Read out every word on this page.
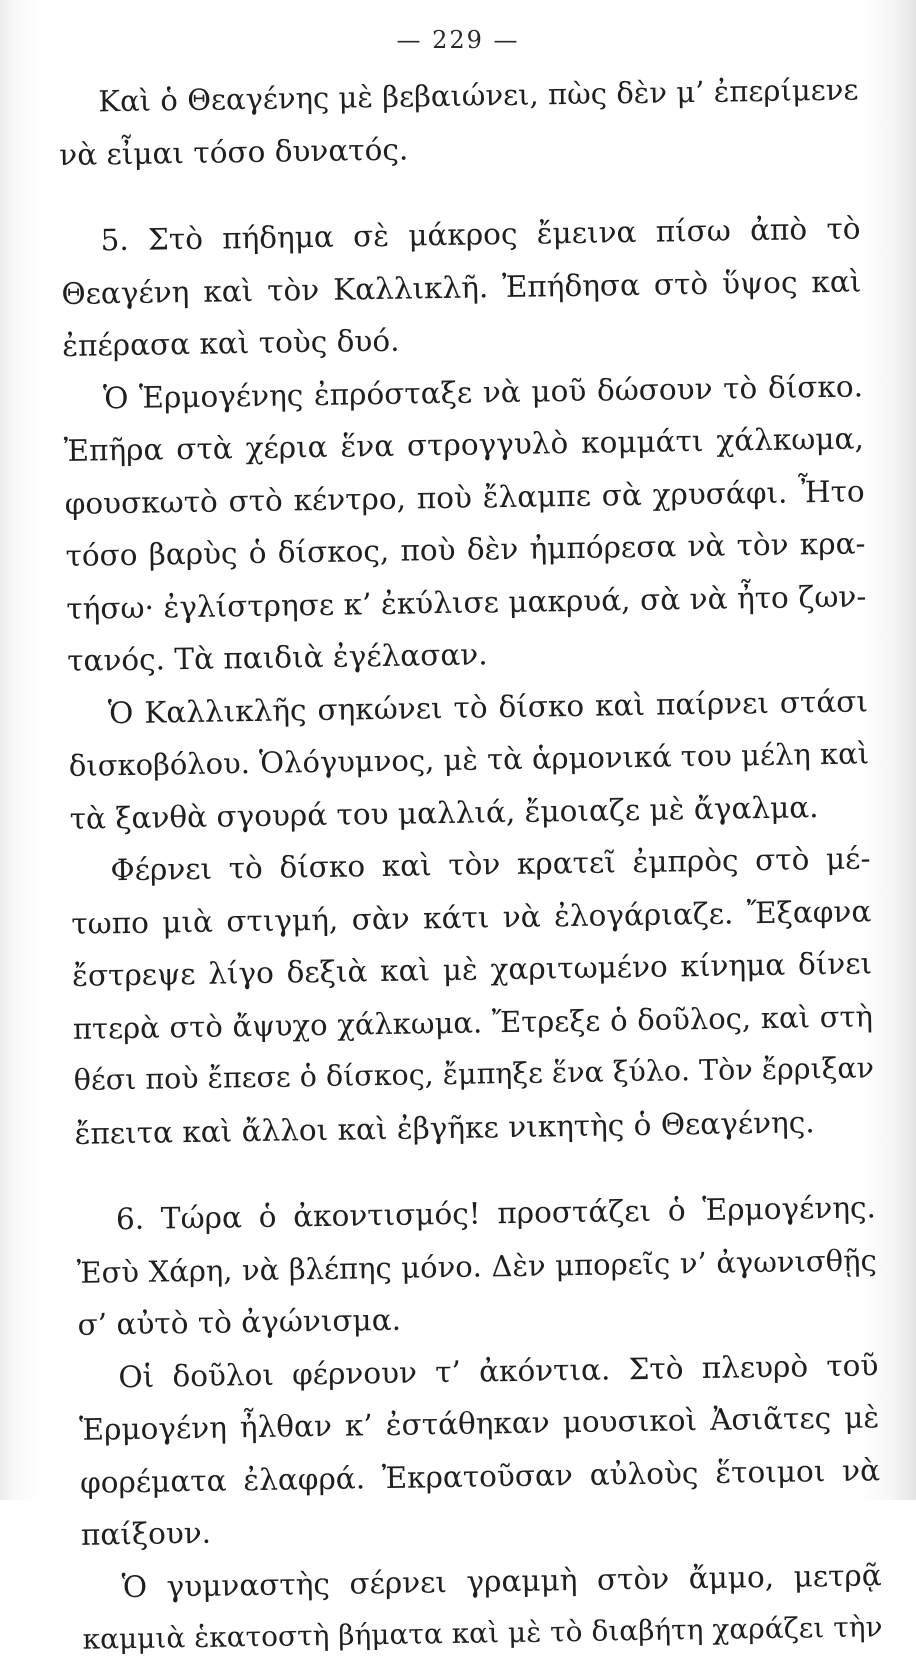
— 229 —
Καὶ ὁ Θεαγένης μὲ βεβαιώνει, πὼς δὲν μ’ ἐπερίμενε
νὰ εἶμαι τόσο δυνατός.
5. Στὸ πήδημα σὲ μάκρος ἔμεινα πίσω ἀπὸ τὸ
Θεαγένη καὶ τὸν Καλλικλῆ. Ἐπήδησα στὸ ὕψος καὶ
ἐπέρασα καὶ τοὺς δυό.
Ὁ Ἑρμογένης ἐπρόσταξε νὰ μοῦ δώσουν τὸ δίσκο.
Ἐπῆρα στὰ χέρια ἕνα στρογγυλὸ κομμάτι χάλκωμα,
φουσκωτὸ στὸ κέντρο, ποὺ ἔλαμπε σὰ χρυσάφι. Ἦτο
τόσο βαρὺς ὁ δίσκος, ποὺ δὲν ἠμπόρεσα νὰ τὸν κρα-
τήσω· ἐγλίστρησε κ’ ἐκύλισε μακρυά, σὰ νὰ ἦτο ζων-
τανός. Τὰ παιδιὰ ἐγέλασαν.
Ὁ Καλλικλῆς σηκώνει τὸ δίσκο καὶ παίρνει στάσι
δισκοβόλου. Ὁλόγυμνος, μὲ τὰ ἁρμονικά του μέλη καὶ
τὰ ξανθὰ σγουρά του μαλλιά, ἔμοιαζε μὲ ἄγαλμα.
Φέρνει τὸ δίσκο καὶ τὸν κρατεῖ ἐμπρὸς στὸ μέ-
τωπο μιὰ στιγμή, σὰν κάτι νὰ ἐλογάριαζε. Ἔξαφνα
ἔστρεψε λίγο δεξιὰ καὶ μὲ χαριτωμένο κίνημα δίνει
πτερὰ στὸ ἄψυχο χάλκωμα. Ἔτρεξε ὁ δοῦλος, καὶ στὴ
θέσι ποὺ ἔπεσε ὁ δίσκος, ἔμπηξε ἕνα ξύλο. Τὸν ἔρριξαν
ἔπειτα καὶ ἄλλοι καὶ ἐβγῆκε νικητὴς ὁ Θεαγένης.
6. Τώρα ὁ ἀκοντισμός! προστάζει ὁ Ἑρμογένης.
Ἐσὺ Χάρη, νὰ βλέπης μόνο. Δὲν μπορεῖς ν’ ἀγωνισθῇς
σ’ αὐτὸ τὸ ἀγώνισμα.
Οἱ δοῦλοι φέρνουν τ’ ἀκόντια. Στὸ πλευρὸ τοῦ
Ἑρμογένη ἦλθαν κ’ ἐστάθηκαν μουσικοὶ Ἀσιᾶτες μὲ
φορέματα ἐλαφρά. Ἐκρατοῦσαν αὐλοὺς ἕτοιμοι νὰ
παίξουν.
Ὁ γυμναστὴς σέρνει γραμμὴ στὸν ἄμμο, μετρᾷ
καμμιὰ ἑκατοστὴ βήματα καὶ μὲ τὸ διαβήτη χαράζει τὴν
